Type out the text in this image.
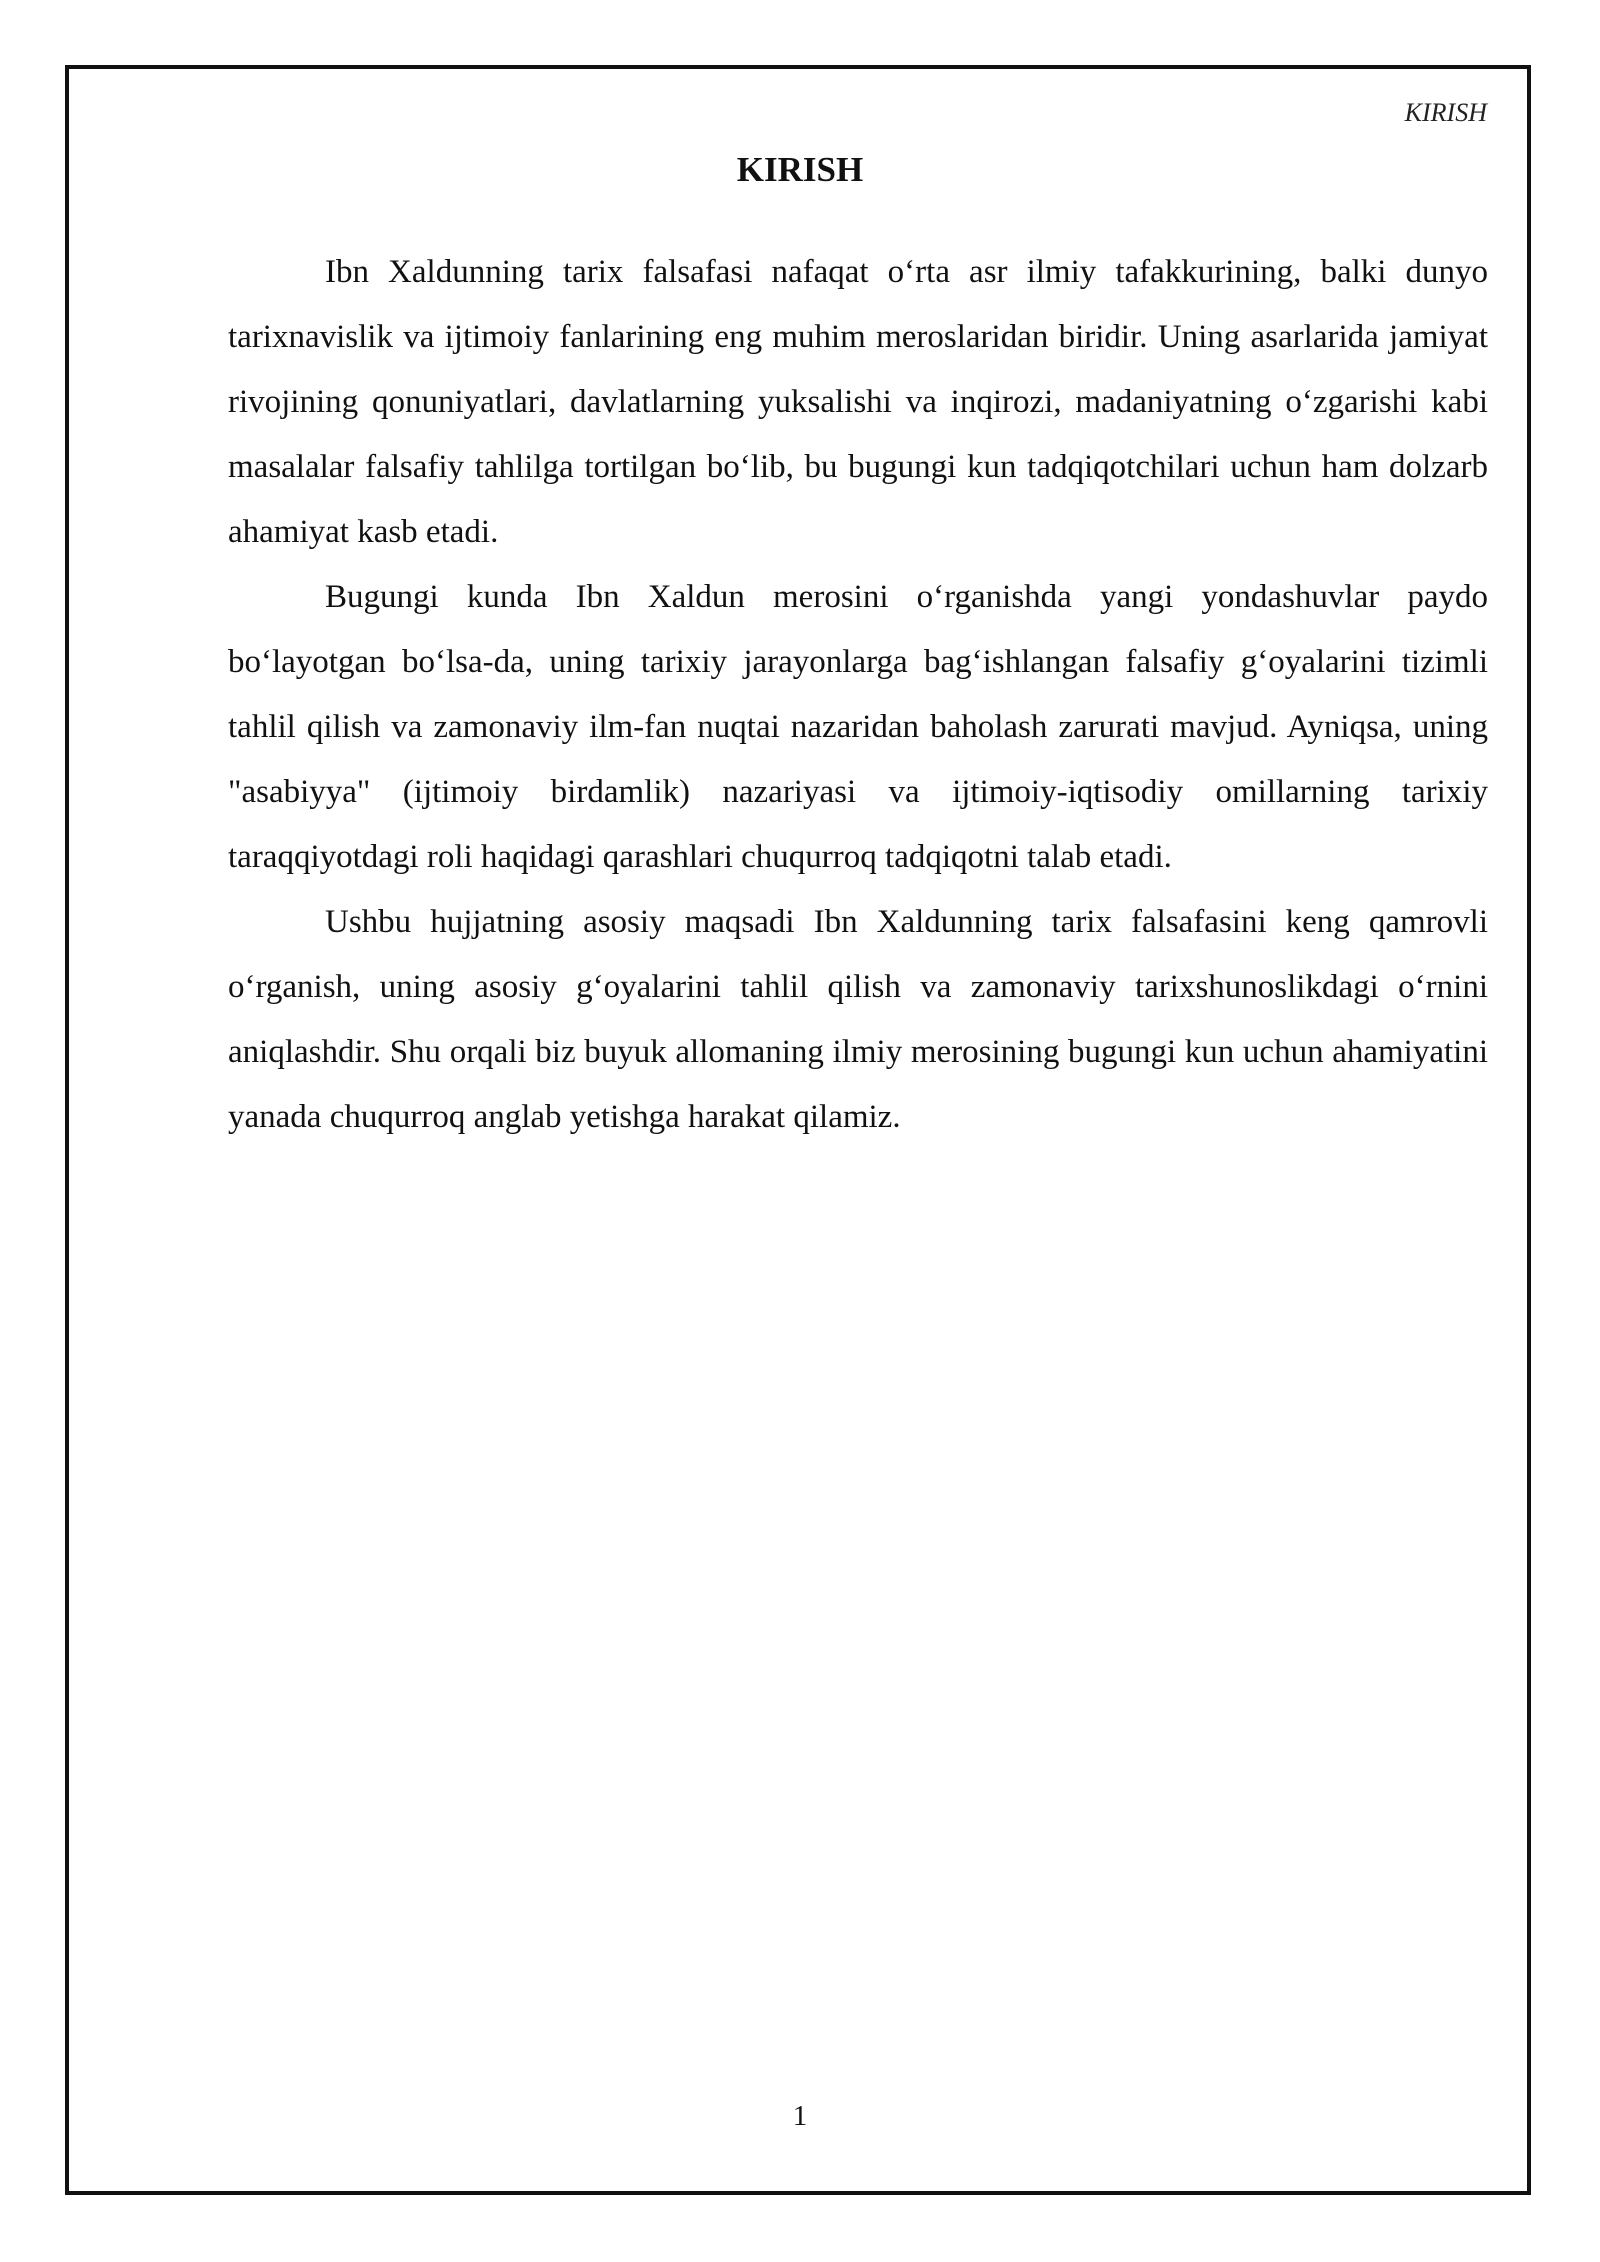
KIRISH
KIRISH

Ibn Xaldunning tarix falsafasi nafaqat oʻrta asr ilmiy tafakkurining, balki dunyo tarixnavislik va ijtimoiy fanlarining eng muhim meroslaridan biridir. Uning asarlarida jamiyat rivojining qonuniyatlari, davlatlarning yuksalishi va inqirozi, madaniyatning oʻzgarishi kabi masalalar falsafiy tahlilga tortilgan boʻlib, bu bugungi kun tadqiqotchilari uchun ham dolzarb ahamiyat kasb etadi.

Bugungi kunda Ibn Xaldun merosini oʻrganishda yangi yondashuvlar paydo boʻlayotgan boʻlsa-da, uning tarixiy jarayonlarga bagʻishlangan falsafiy gʻoyalarini tizimli tahlil qilish va zamonaviy ilm-fan nuqtai nazaridan baholash zarurati mavjud. Ayniqsa, uning "asabiyya" (ijtimoiy birdamlik) nazariyasi va ijtimoiy-iqtisodiy omillarning tarixiy taraqqiyotdagi roli haqidagi qarashlari chuqurroq tadqiqotni talab etadi.

Ushbu hujjatning asosiy maqsadi Ibn Xaldunning tarix falsafasini keng qamrovli oʻrganish, uning asosiy gʻoyalarini tahlil qilish va zamonaviy tarixshunoslikdagi oʻrnini aniqlashdir. Shu orqali biz buyuk allomaning ilmiy merosining bugungi kun uchun ahamiyatini yanada chuqurroq anglab yetishga harakat qilamiz.

1
